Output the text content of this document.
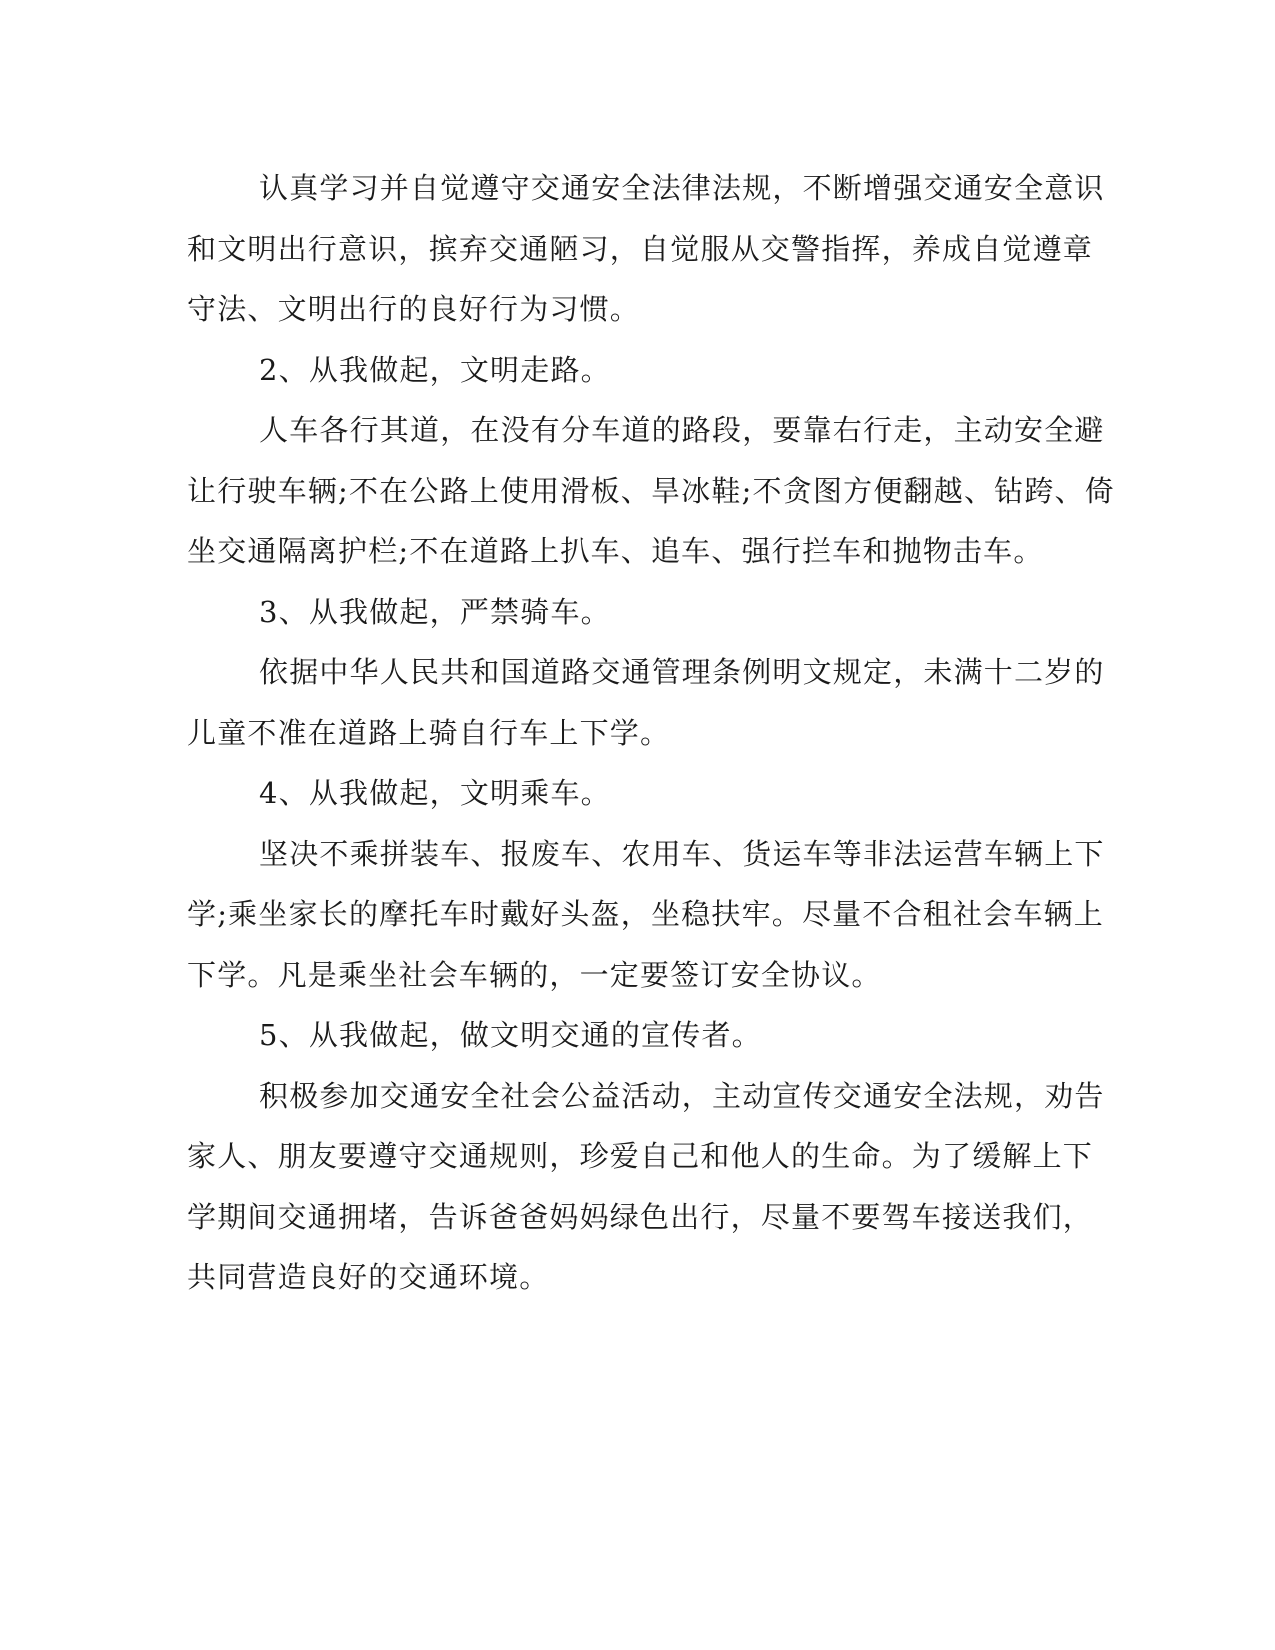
认真学习并自觉遵守交通安全法律法规，不断增强交通安全意识
和文明出行意识，摈弃交通陋习，自觉服从交警指挥，养成自觉遵章
守法、文明出行的良好行为习惯。
2、从我做起，文明走路。
人车各行其道，在没有分车道的路段，要靠右行走，主动安全避
让行驶车辆;不在公路上使用滑板、旱冰鞋;不贪图方便翻越、钻跨、倚
坐交通隔离护栏;不在道路上扒车、追车、强行拦车和抛物击车。
3、从我做起，严禁骑车。
依据中华人民共和国道路交通管理条例明文规定，未满十二岁的
儿童不准在道路上骑自行车上下学。
4、从我做起，文明乘车。
坚决不乘拼装车、报废车、农用车、货运车等非法运营车辆上下
学;乘坐家长的摩托车时戴好头盔，坐稳扶牢。尽量不合租社会车辆上
下学。凡是乘坐社会车辆的，一定要签订安全协议。
5、从我做起，做文明交通的宣传者。
积极参加交通安全社会公益活动，主动宣传交通安全法规，劝告
家人、朋友要遵守交通规则，珍爱自己和他人的生命。为了缓解上下
学期间交通拥堵，告诉爸爸妈妈绿色出行，尽量不要驾车接送我们，
共同营造良好的交通环境。
